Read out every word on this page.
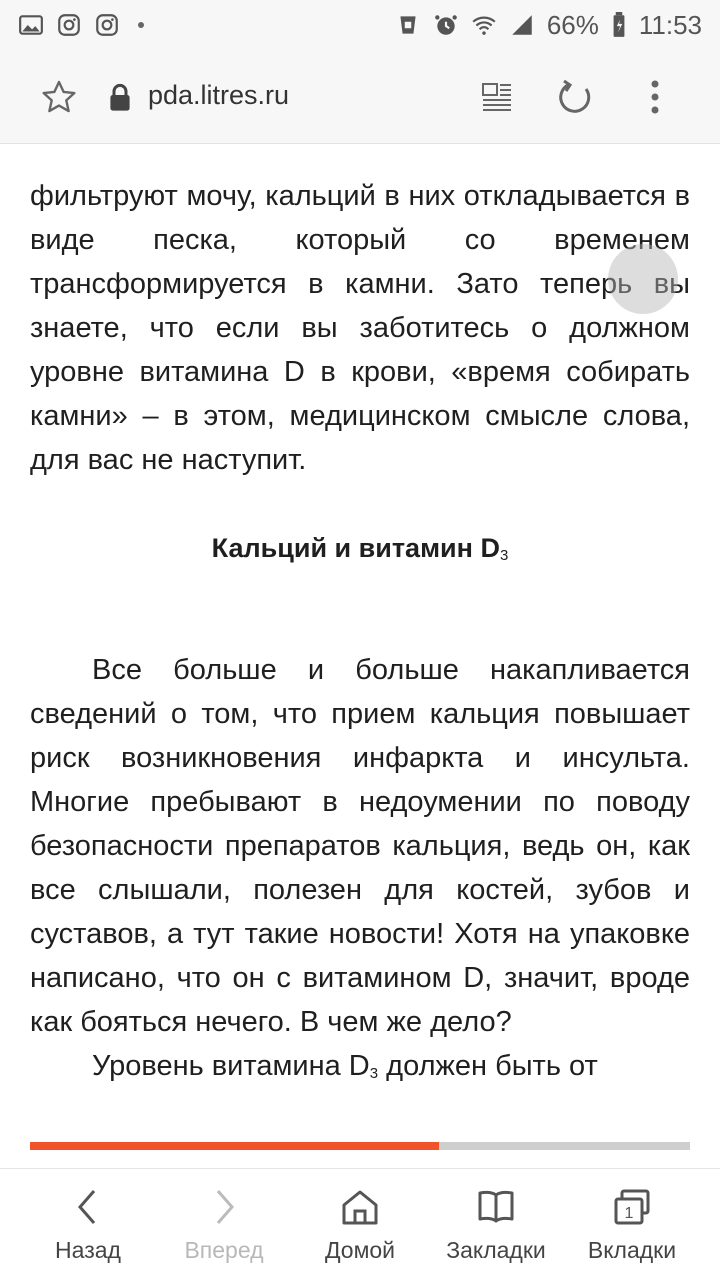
66% 11:53
pda.litres.ru

фильтруют мочу, кальций в них откладывается в виде песка, который со временем трансформируется в камни. Зато теперь вы знаете, что если вы заботитесь о должном уровне витамина D в крови, «время собирать камни» – в этом, медицинском смысле слова, для вас не наступит.

Кальций и витамин $D_3$

Все больше и больше накапливается сведений о том, что прием кальция повышает риск возникновения инфаркта и инсульта. Многие пребывают в недоумении по поводу безопасности препаратов кальция, ведь он, как все слышали, полезен для костей, зубов и суставов, а тут такие новости! Хотя на упаковке написано, что он с витамином D, значит, вроде как бояться нечего. В чем же дело?

Уровень витамина $D_3$ должен быть от

Назад	Вперед	Домой	Закладки
1
Вкладки
